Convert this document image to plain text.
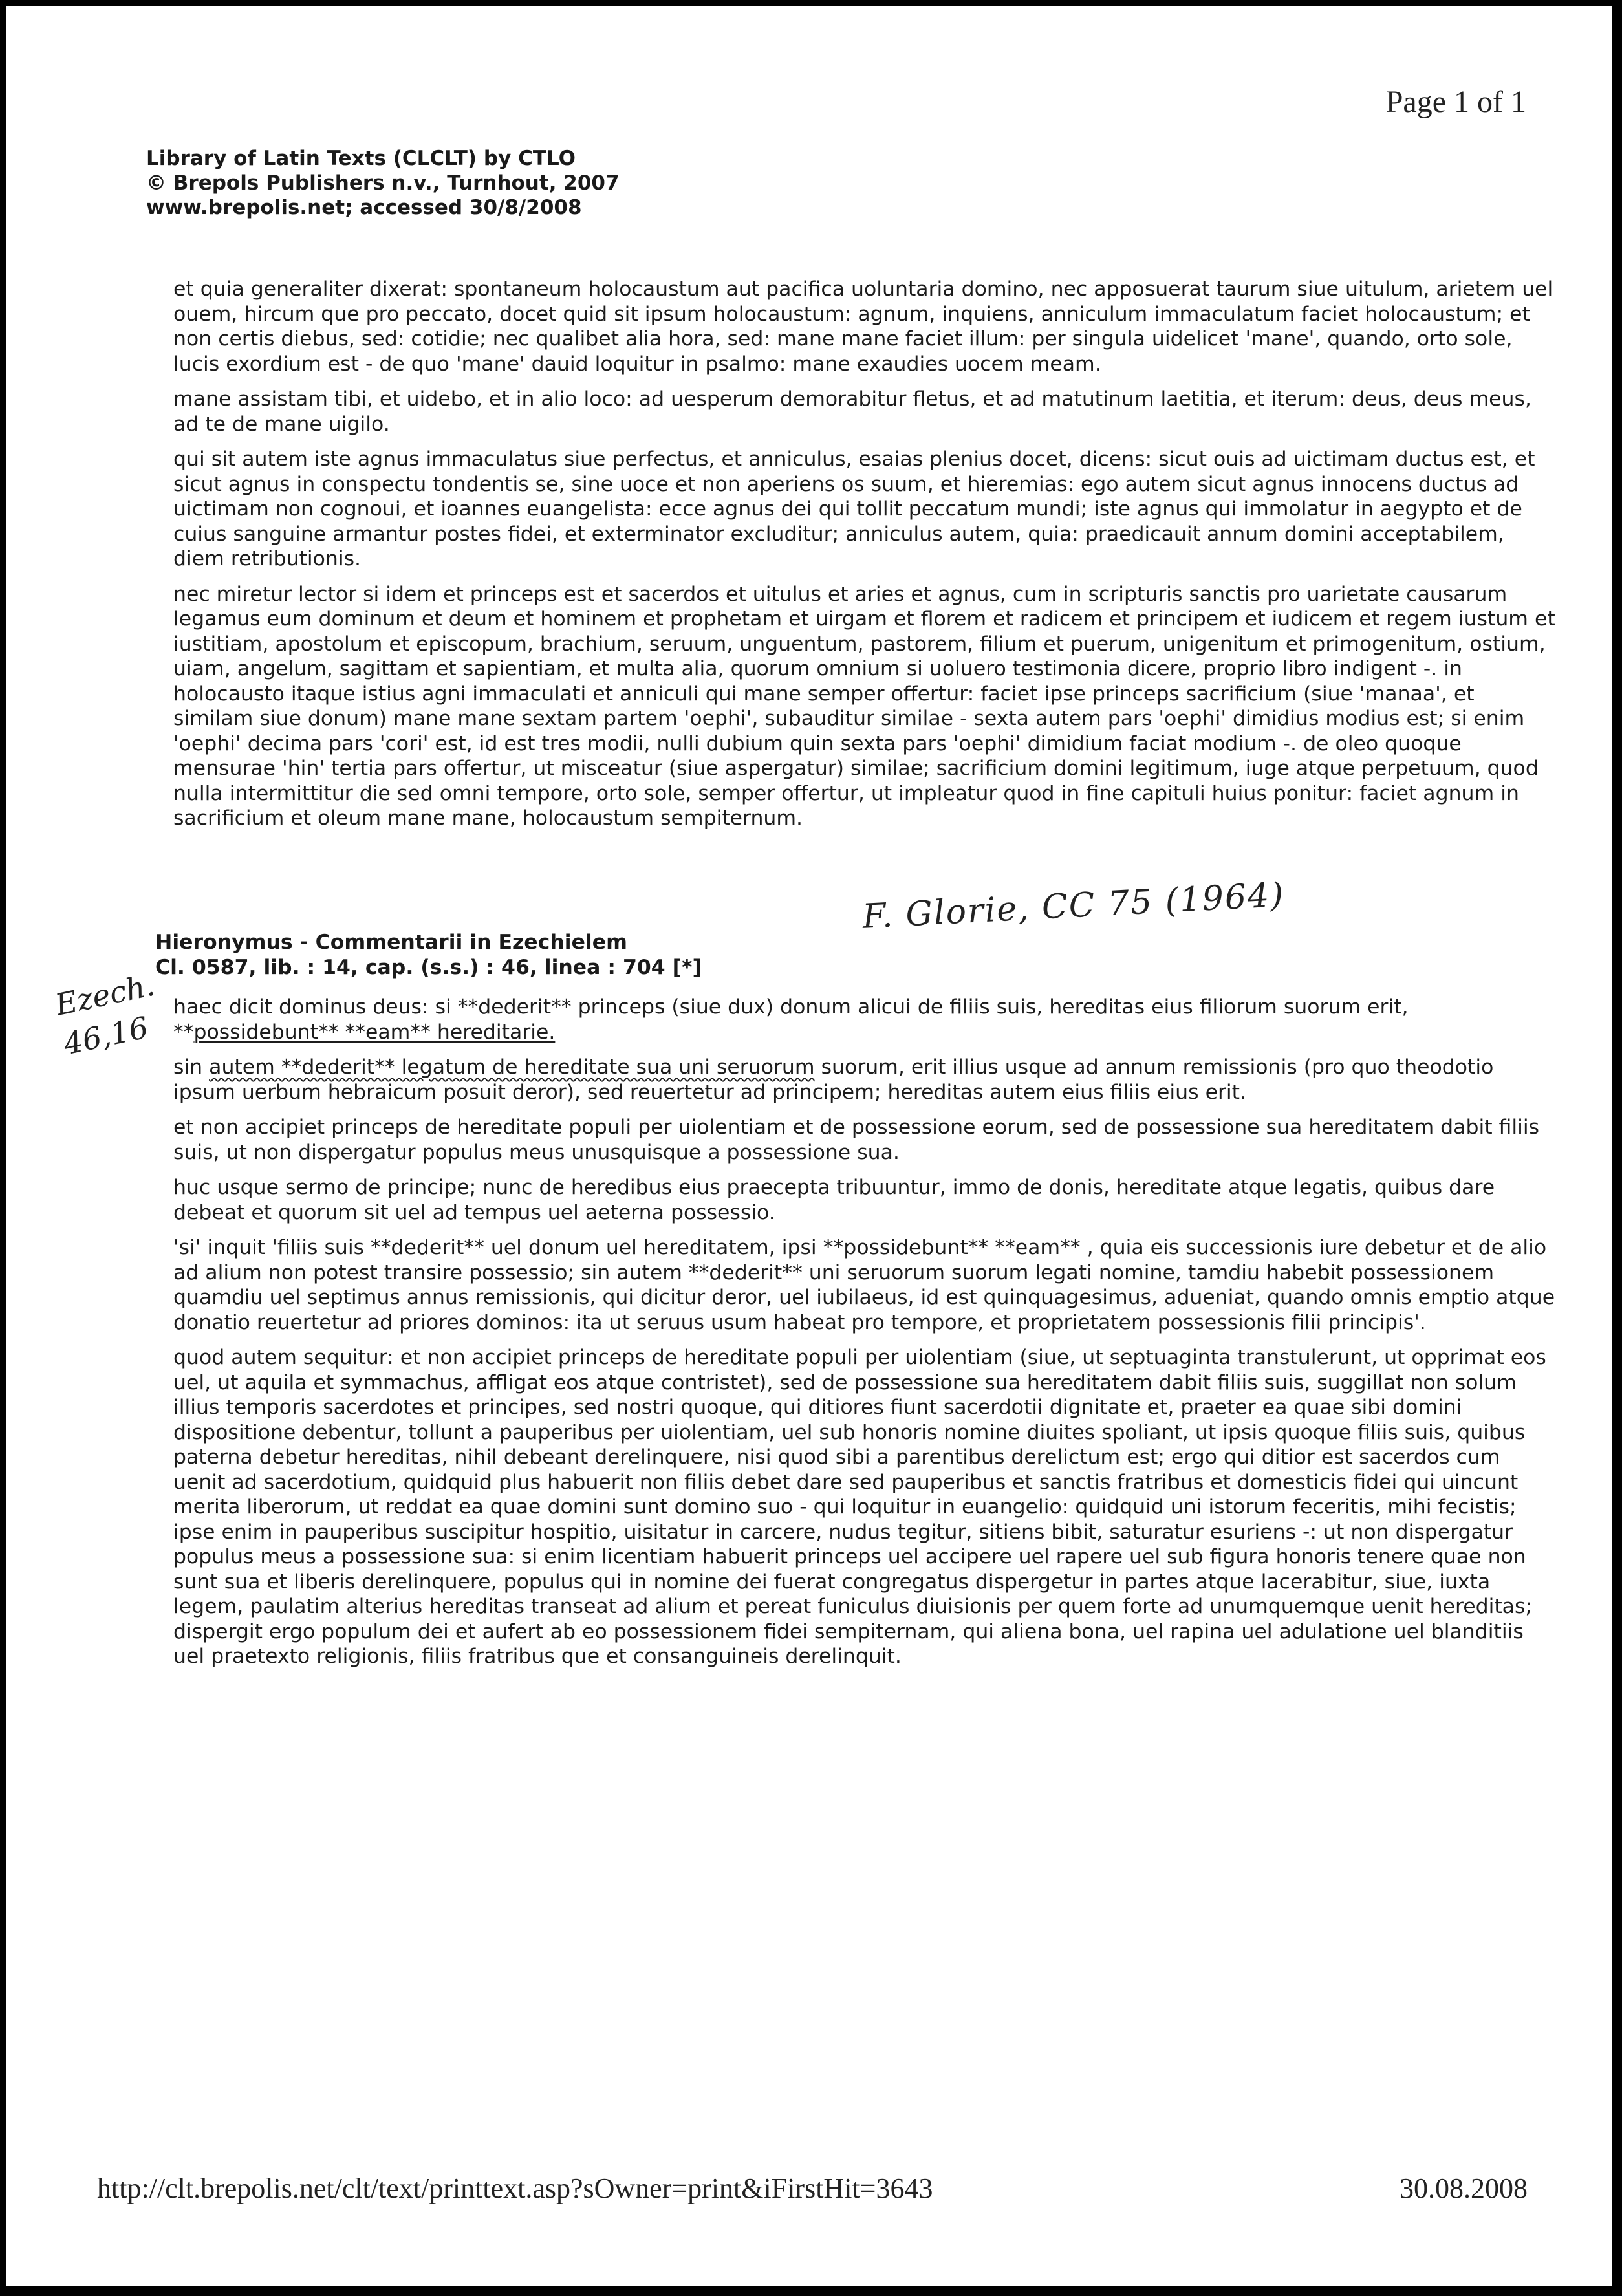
Page 1 of 1
Library of Latin Texts (CLCLT) by CTLO
© Brepols Publishers n.v., Turnhout, 2007
www.brepolis.net; accessed 30/8/2008

et quia generaliter dixerat: spontaneum holocaustum aut pacifica uoluntaria domino, nec apposuerat taurum siue uitulum, arietem uel ouem, hircum que pro peccato, docet quid sit ipsum holocaustum: agnum, inquiens, anniculum immaculatum faciet holocaustum; et non certis diebus, sed: cotidie; nec qualibet alia hora, sed: mane mane faciet illum: per singula uidelicet 'mane', quando, orto sole, lucis exordium est - de quo 'mane' dauid loquitur in psalmo: mane exaudies uocem meam.

mane assistam tibi, et uidebo, et in alio loco: ad uesperum demorabitur fletus, et ad matutinum laetitia, et iterum: deus, deus meus, ad te de mane uigilo.

qui sit autem iste agnus immaculatus siue perfectus, et anniculus, esaias plenius docet, dicens: sicut ouis ad uictimam ductus est, et sicut agnus in conspectu tondentis se, sine uoce et non aperiens os suum, et hieremias: ego autem sicut agnus innocens ductus ad uictimam non cognoui, et ioannes euangelista: ecce agnus dei qui tollit peccatum mundi; iste agnus qui immolatur in aegypto et de cuius sanguine armantur postes fidei, et exterminator excluditur; anniculus autem, quia: praedicauit annum domini acceptabilem, diem retributionis.

nec miretur lector si idem et princeps est et sacerdos et uitulus et aries et agnus, cum in scripturis sanctis pro uarietate causarum legamus eum dominum et deum et hominem et prophetam et uirgam et florem et radicem et principem et iudicem et regem iustum et iustitiam, apostolum et episcopum, brachium, seruum, unguentum, pastorem, filium et puerum, unigenitum et primogenitum, ostium, uiam, angelum, sagittam et sapientiam, et multa alia, quorum omnium si uoluero testimonia dicere, proprio libro indigent -. in holocausto itaque istius agni immaculati et anniculi qui mane semper offertur: faciet ipse princeps sacrificium (siue 'manaa', et similam siue donum) mane mane sextam partem 'oephi', subauditur similae - sexta autem pars 'oephi' dimidius modius est; si enim 'oephi' decima pars 'cori' est, id est tres modii, nulli dubium quin sexta pars 'oephi' dimidium faciat modium -. de oleo quoque mensurae 'hin' tertia pars offertur, ut misceatur (siue aspergatur) similae; sacrificium domini legitimum, iuge atque perpetuum, quod nulla intermittitur die sed omni tempore, orto sole, semper offertur, ut impleatur quod in fine capituli huius ponitur: faciet agnum in sacrificium et oleum mane mane, holocaustum sempiternum.

Hieronymus - Commentarii in Ezechielem
Cl. 0587, lib. : 14, cap. (s.s.) : 46, linea : 704 [*]
F. Glorie, CC 75 (1964)
Ezech.
46,16

haec dicit dominus deus: si **dederit** princeps (siue dux) donum alicui de filiis suis, hereditas eius filiorum suorum erit, **possidebunt** **eam** hereditarie.

sin autem **dederit** legatum de hereditate sua uni seruorum suorum, erit illius usque ad annum remissionis (pro quo theodotio ipsum uerbum hebraicum posuit deror), sed reuertetur ad principem; hereditas autem eius filiis eius erit.

et non accipiet princeps de hereditate populi per uiolentiam et de possessione eorum, sed de possessione sua hereditatem dabit filiis suis, ut non dispergatur populus meus unusquisque a possessione sua.

huc usque sermo de principe; nunc de heredibus eius praecepta tribuuntur, immo de donis, hereditate atque legatis, quibus dare debeat et quorum sit uel ad tempus uel aeterna possessio.

'si' inquit 'filiis suis **dederit** uel donum uel hereditatem, ipsi **possidebunt** **eam** , quia eis successionis iure debetur et de alio ad alium non potest transire possessio; sin autem **dederit** uni seruorum suorum legati nomine, tamdiu habebit possessionem quamdiu uel septimus annus remissionis, qui dicitur deror, uel iubilaeus, id est quinquagesimus, adueniat, quando omnis emptio atque donatio reuertetur ad priores dominos: ita ut seruus usum habeat pro tempore, et proprietatem possessionis filii principis'.

quod autem sequitur: et non accipiet princeps de hereditate populi per uiolentiam (siue, ut septuaginta transtulerunt, ut opprimat eos uel, ut aquila et symmachus, affligat eos atque contristet), sed de possessione sua hereditatem dabit filiis suis, suggillat non solum illius temporis sacerdotes et principes, sed nostri quoque, qui ditiores fiunt sacerdotii dignitate et, praeter ea quae sibi domini dispositione debentur, tollunt a pauperibus per uiolentiam, uel sub honoris nomine diuites spoliant, ut ipsis quoque filiis suis, quibus paterna debetur hereditas, nihil debeant derelinquere, nisi quod sibi a parentibus derelictum est; ergo qui ditior est sacerdos cum uenit ad sacerdotium, quidquid plus habuerit non filiis debet dare sed pauperibus et sanctis fratribus et domesticis fidei qui uincunt merita liberorum, ut reddat ea quae domini sunt domino suo - qui loquitur in euangelio: quidquid uni istorum feceritis, mihi fecistis; ipse enim in pauperibus suscipitur hospitio, uisitatur in carcere, nudus tegitur, sitiens bibit, saturatur esuriens -: ut non dispergatur populus meus a possessione sua: si enim licentiam habuerit princeps uel accipere uel rapere uel sub figura honoris tenere quae non sunt sua et liberis derelinquere, populus qui in nomine dei fuerat congregatus dispergetur in partes atque lacerabitur, siue, iuxta legem, paulatim alterius hereditas transeat ad alium et pereat funiculus diuisionis per quem forte ad unumquemque uenit hereditas; dispergit ergo populum dei et aufert ab eo possessionem fidei sempiternam, qui aliena bona, uel rapina uel adulatione uel blanditiis uel praetexto religionis, filiis fratribus que et consanguineis derelinquit.

http://clt.brepolis.net/clt/text/printtext.asp?sOwner=print&iFirstHit=3643	30.08.2008
